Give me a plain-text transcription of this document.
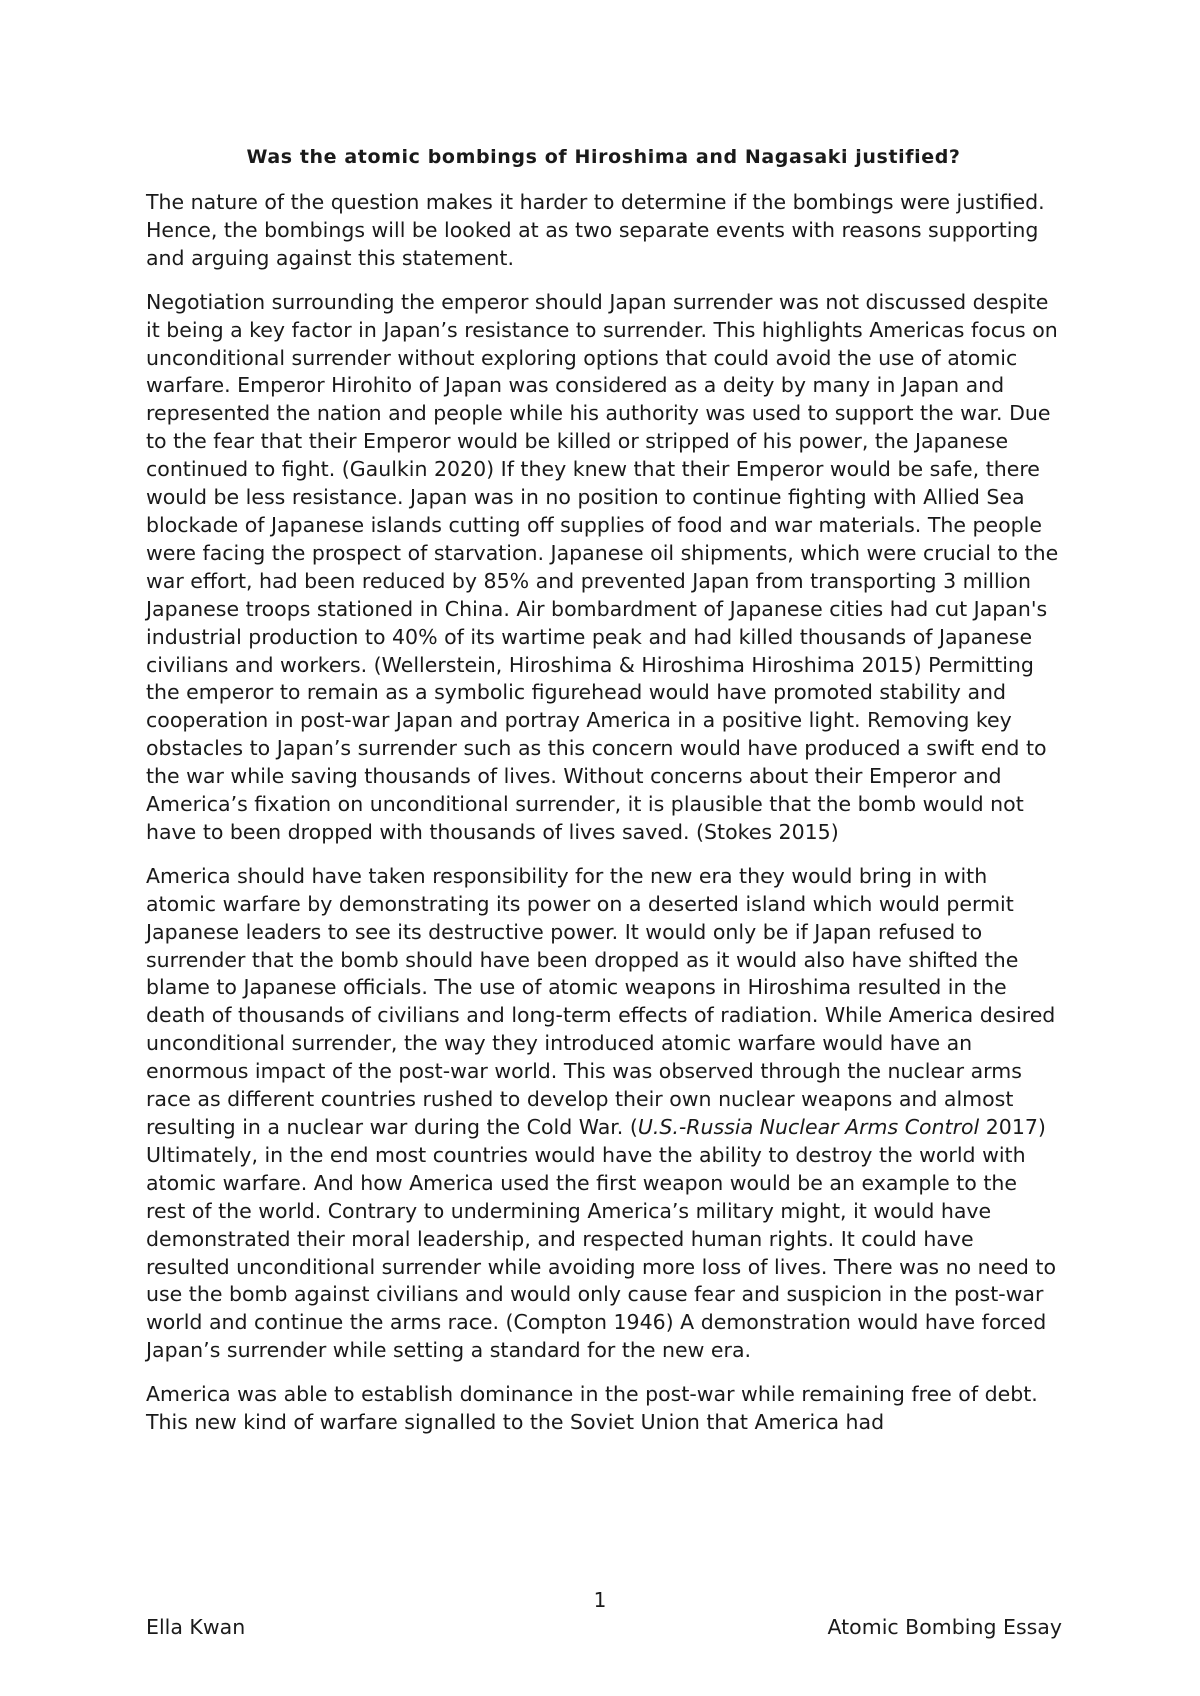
Was the atomic bombings of Hiroshima and Nagasaki justified?

The nature of the question makes it harder to determine if the bombings were justified. Hence, the bombings will be looked at as two separate events with reasons supporting and arguing against this statement.

Negotiation surrounding the emperor should Japan surrender was not discussed despite it being a key factor in Japan’s resistance to surrender. This highlights Americas focus on unconditional surrender without exploring options that could avoid the use of atomic warfare. Emperor Hirohito of Japan was considered as a deity by many in Japan and represented the nation and people while his authority was used to support the war. Due to the fear that their Emperor would be killed or stripped of his power, the Japanese continued to fight. (Gaulkin 2020) If they knew that their Emperor would be safe, there would be less resistance. Japan was in no position to continue fighting with Allied Sea blockade of Japanese islands cutting off supplies of food and war materials. The people were facing the prospect of starvation. Japanese oil shipments, which were crucial to the war effort, had been reduced by 85% and prevented Japan from transporting 3 million Japanese troops stationed in China. Air bombardment of Japanese cities had cut Japan's industrial production to 40% of its wartime peak and had killed thousands of Japanese civilians and workers. (Wellerstein, Hiroshima & Hiroshima Hiroshima 2015) Permitting the emperor to remain as a symbolic figurehead would have promoted stability and cooperation in post-war Japan and portray America in a positive light. Removing key obstacles to Japan’s surrender such as this concern would have produced a swift end to the war while saving thousands of lives. Without concerns about their Emperor and America’s fixation on unconditional surrender, it is plausible that the bomb would not have to been dropped with thousands of lives saved. (Stokes 2015)

America should have taken responsibility for the new era they would bring in with atomic warfare by demonstrating its power on a deserted island which would permit Japanese leaders to see its destructive power. It would only be if Japan refused to surrender that the bomb should have been dropped as it would also have shifted the blame to Japanese officials. The use of atomic weapons in Hiroshima resulted in the death of thousands of civilians and long-term effects of radiation. While America desired unconditional surrender, the way they introduced atomic warfare would have an enormous impact of the post-war world. This was observed through the nuclear arms race as different countries rushed to develop their own nuclear weapons and almost resulting in a nuclear war during the Cold War. (U.S.-Russia Nuclear Arms Control 2017) Ultimately, in the end most countries would have the ability to destroy the world with atomic warfare. And how America used the first weapon would be an example to the rest of the world. Contrary to undermining America’s military might, it would have demonstrated their moral leadership, and respected human rights. It could have resulted unconditional surrender while avoiding more loss of lives. There was no need to use the bomb against civilians and would only cause fear and suspicion in the post-war world and continue the arms race. (Compton 1946) A demonstration would have forced Japan’s surrender while setting a standard for the new era.

America was able to establish dominance in the post-war while remaining free of debt. This new kind of warfare signalled to the Soviet Union that America had

1
Ella Kwan	Atomic Bombing Essay
